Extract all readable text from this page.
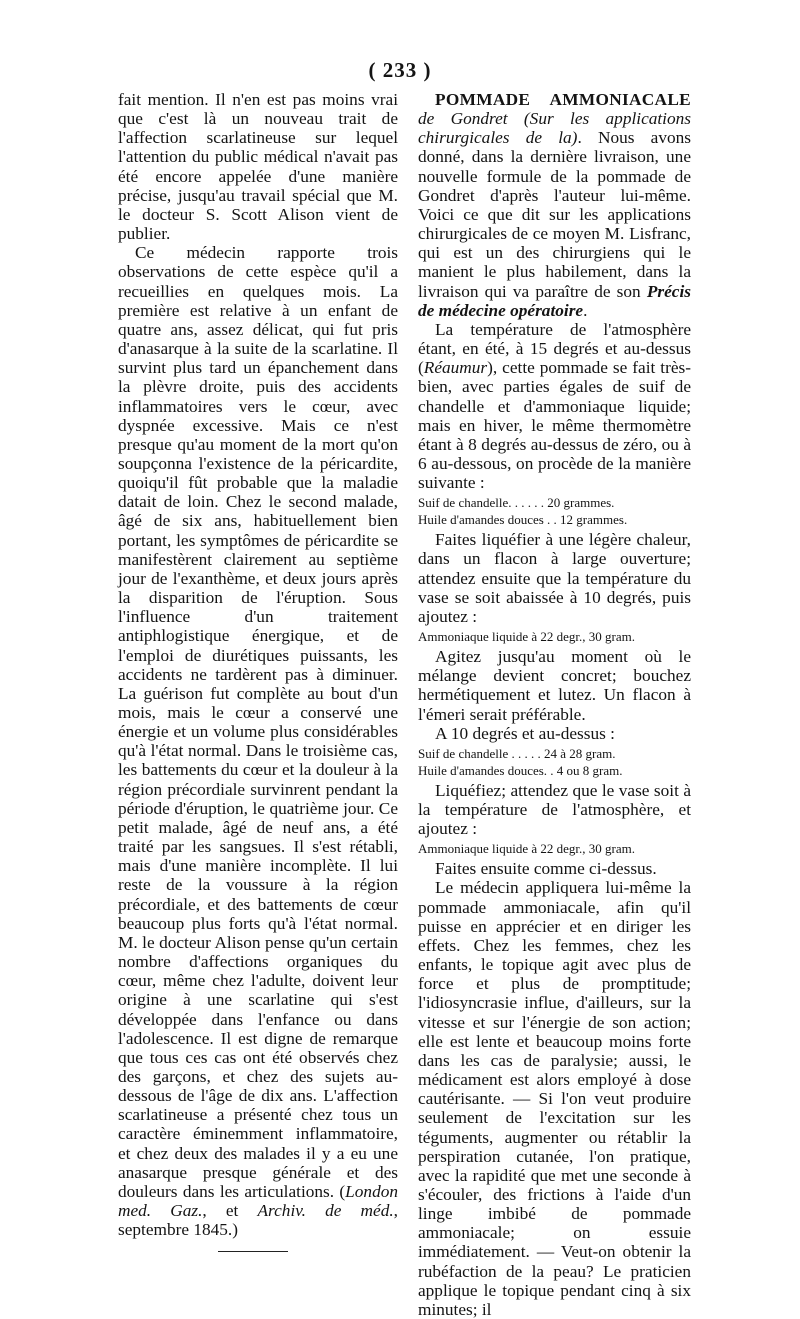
( 233 )

fait mention. Il n'en est pas moins vrai que c'est là un nouveau trait de l'affection scarlatineuse sur lequel l'attention du public médical n'avait pas été encore appelée d'une manière précise, jusqu'au travail spécial que M. le docteur S. Scott Alison vient de publier.

Ce médecin rapporte trois observations de cette espèce qu'il a recueillies en quelques mois. La première est relative à un enfant de quatre ans, assez délicat, qui fut pris d'anasarque à la suite de la scarlatine. Il survint plus tard un épanchement dans la plèvre droite, puis des accidents inflammatoires vers le cœur, avec dyspnée excessive. Mais ce n'est presque qu'au moment de la mort qu'on soupçonna l'existence de la péricardite, quoiqu'il fût probable que la maladie datait de loin. Chez le second malade, âgé de six ans, habituellement bien portant, les symptômes de péricardite se manifestèrent clairement au septième jour de l'exanthème, et deux jours après la disparition de l'éruption. Sous l'influence d'un traitement antiphlogistique énergique, et de l'emploi de diurétiques puissants, les accidents ne tardèrent pas à diminuer. La guérison fut complète au bout d'un mois, mais le cœur a conservé une énergie et un volume plus considérables qu'à l'état normal. Dans le troisième cas, les battements du cœur et la douleur à la région précordiale survinrent pendant la période d'éruption, le quatrième jour. Ce petit malade, âgé de neuf ans, a été traité par les sangsues. Il s'est rétabli, mais d'une manière incomplète. Il lui reste de la voussure à la région précordiale, et des battements de cœur beaucoup plus forts qu'à l'état normal. M. le docteur Alison pense qu'un certain nombre d'affections organiques du cœur, même chez l'adulte, doivent leur origine à une scarlatine qui s'est développée dans l'enfance ou dans l'adolescence. Il est digne de remarque que tous ces cas ont été observés chez des garçons, et chez des sujets au-dessous de l'âge de dix ans. L'affection scarlatineuse a présenté chez tous un caractère éminemment inflammatoire, et chez deux des malades il y a eu une anasarque presque générale et des douleurs dans les articulations. (London med. Gaz., et Archiv. de méd., septembre 1845.)

POMMADE AMMONIACALE de Gondret (Sur les applications chirurgicales de la). Nous avons donné, dans la dernière livraison, une nouvelle formule de la pommade de Gondret d'après l'auteur lui-même. Voici ce que dit sur les applications chirurgicales de ce moyen M. Lisfranc, qui est un des chirurgiens qui le manient le plus habilement, dans la livraison qui va paraître de son Précis de médecine opératoire.

La température de l'atmosphère étant, en été, à 15 degrés et au-dessus (Réaumur), cette pommade se fait très-bien, avec parties égales de suif de chandelle et d'ammoniaque liquide; mais en hiver, le même thermomètre étant à 8 degrés au-dessus de zéro, ou à 6 au-dessous, on procède de la manière suivante :

Suif de chandelle. . . . . . 20 grammes.
Huile d'amandes douces . . 12 grammes.

Faites liquéfier à une légère chaleur, dans un flacon à large ouverture; attendez ensuite que la température du vase se soit abaissée à 10 degrés, puis ajoutez :

Ammoniaque liquide à 22 degr., 30 gram.

Agitez jusqu'au moment où le mélange devient concret; bouchez hermétiquement et lutez. Un flacon à l'émeri serait préférable.

A 10 degrés et au-dessus :

Suif de chandelle . . . . . 24 à 28 gram.
Huile d'amandes douces. . 4 ou 8 gram.

Liquéfiez; attendez que le vase soit à la température de l'atmosphère, et ajoutez :

Ammoniaque liquide à 22 degr., 30 gram.

Faites ensuite comme ci-dessus.

Le médecin appliquera lui-même la pommade ammoniacale, afin qu'il puisse en apprécier et en diriger les effets. Chez les femmes, chez les enfants, le topique agit avec plus de force et plus de promptitude; l'idiosyncrasie influe, d'ailleurs, sur la vitesse et sur l'énergie de son action; elle est lente et beaucoup moins forte dans les cas de paralysie; aussi, le médicament est alors employé à dose cautérisante. — Si l'on veut produire seulement de l'excitation sur les téguments, augmenter ou rétablir la perspiration cutanée, l'on pratique, avec la rapidité que met une seconde à s'écouler, des frictions à l'aide d'un linge imbibé de pommade ammoniacale; on essuie immédiatement. — Veut-on obtenir la rubéfaction de la peau? Le praticien applique le topique pendant cinq à six minutes; il
